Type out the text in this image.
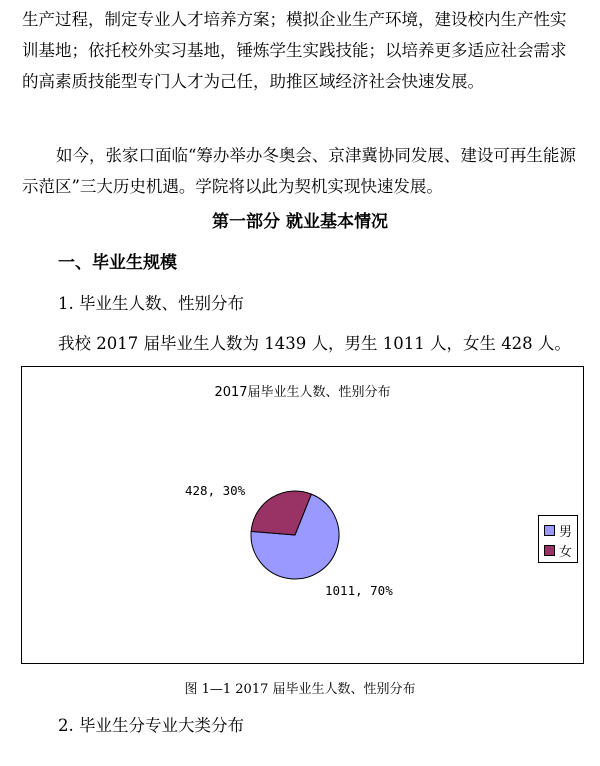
生产过程，制定专业人才培养方案；模拟企业生产环境，建设校内生产性实训基地；依托校外实习基地，锤炼学生实践技能；以培养更多适应社会需求的高素质技能型专门人才为己任，助推区域经济社会快速发展。

如今，张家口面临“筹办举办冬奥会、京津冀协同发展、建设可再生能源示范区”三大历史机遇。学院将以此为契机实现快速发展。

第一部分 就业基本情况
一、毕业生规模
1. 毕业生人数、性别分布
我校 2017 届毕业生人数为 1439 人，男生 1011 人，女生 428 人。
2017届毕业生人数、性别分布
1011, 70%
428, 30%
男
女
图 1—1 2017 届毕业生人数、性别分布
2. 毕业生分专业大类分布
